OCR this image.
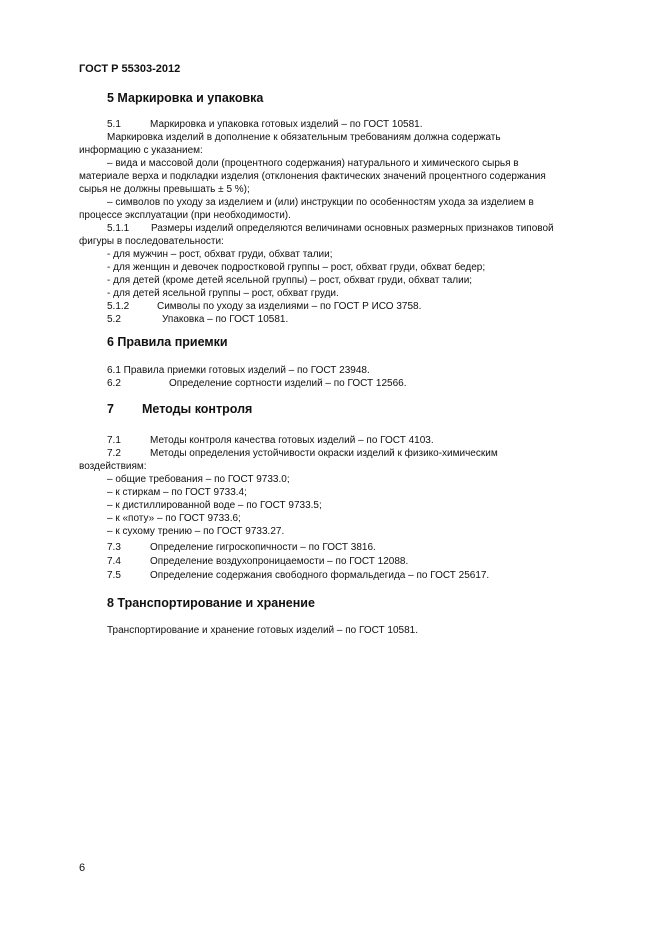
ГОСТ Р 55303-2012
5 Маркировка и упаковка
5.1	Маркировка и упаковка готовых изделий – по ГОСТ 10581.
Маркировка изделий в дополнение к обязательным требованиям должна содержать
информацию с указанием:
– вида и массовой доли (процентного содержания) натурального и химического сырья в
материале верха и подкладки изделия (отклонения фактических значений процентного содержания
сырья не должны превышать ± 5 %);
– символов по уходу за изделием и (или) инструкции по особенностям ухода за изделием в
процессе эксплуатации (при необходимости).
5.1.1 Размеры изделий определяются величинами основных размерных признаков типовой
фигуры в последовательности:
- для мужчин – рост, обхват груди, обхват талии;
- для женщин и девочек подростковой группы – рост, обхват груди, обхват бедер;
- для детей (кроме детей ясельной группы) – рост, обхват груди, обхват талии;
- для детей ясельной группы – рост, обхват груди.
5.1.2	Символы по уходу за изделиями – по ГОСТ Р ИСО 3758.
5.2	Упаковка – по ГОСТ 10581.
6 Правила приемки
6.1 Правила приемки готовых изделий – по ГОСТ 23948.
6.2	Определение сортности изделий – по ГОСТ 12566.
7 Методы контроля
7.1	Методы контроля качества готовых изделий – по ГОСТ 4103.
7.2	Методы определения устойчивости окраски изделий к физико-химическим
воздействиям:
– общие требования – по ГОСТ 9733.0;
– к стиркам – по ГОСТ 9733.4;
– к дистиллированной воде – по ГОСТ 9733.5;
– к «поту» – по ГОСТ 9733.6;
– к сухому трению – по ГОСТ 9733.27.
7.3	Определение гигроскопичности – по ГОСТ 3816.
7.4	Определение воздухопроницаемости – по ГОСТ 12088.
7.5	Определение содержания свободного формальдегида – по ГОСТ 25617.
8 Транспортирование и хранение
Транспортирование и хранение готовых изделий – по ГОСТ 10581.
6
